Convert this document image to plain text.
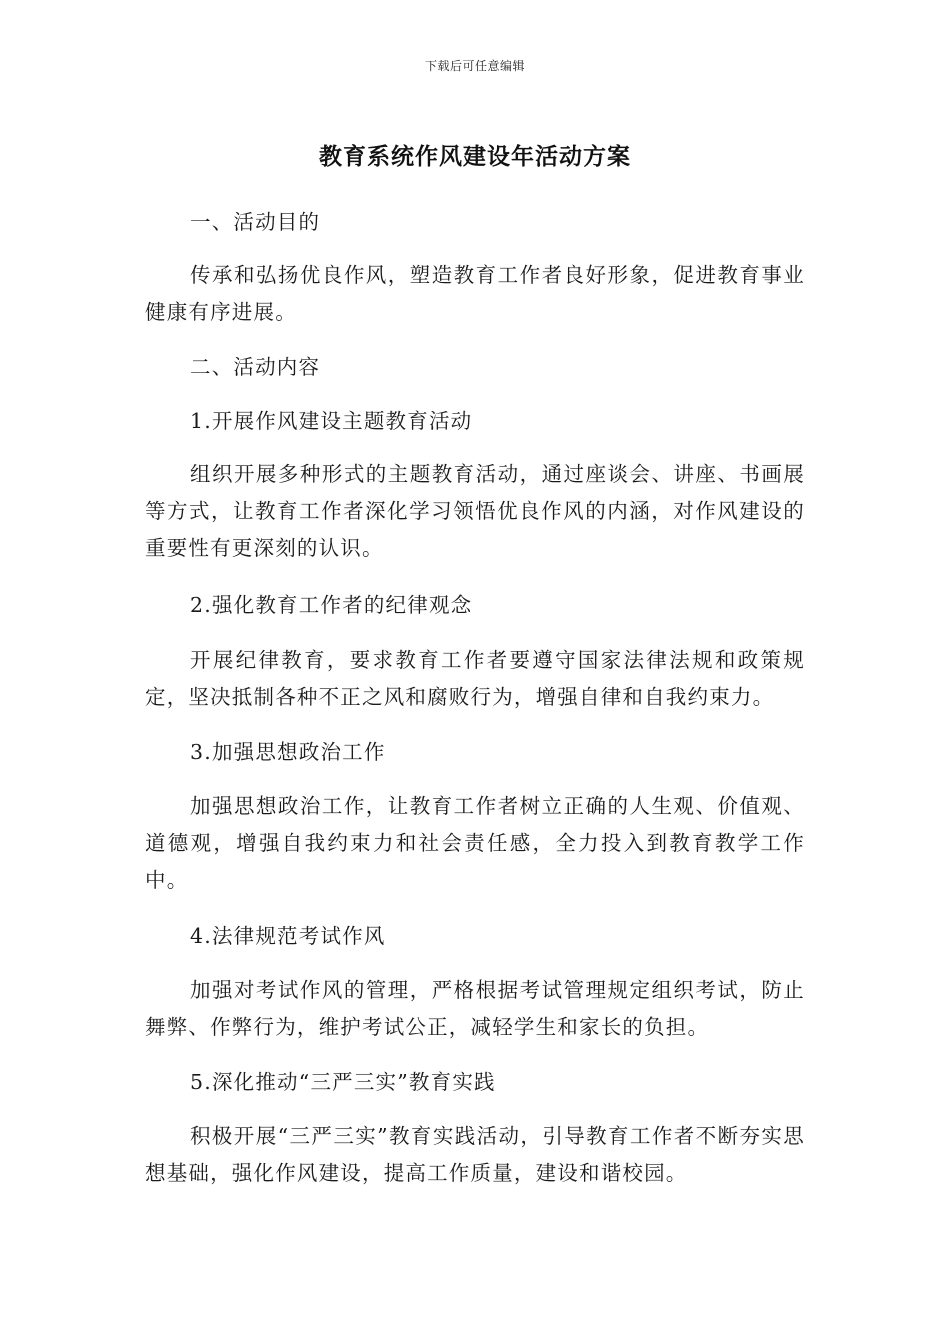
下载后可任意编辑
教育系统作风建设年活动方案

一、活动目的

传承和弘扬优良作风，塑造教育工作者良好形象，促进教育事业健康有序进展。

二、活动内容

1.开展作风建设主题教育活动

组织开展多种形式的主题教育活动，通过座谈会、讲座、书画展等方式，让教育工作者深化学习领悟优良作风的内涵，对作风建设的重要性有更深刻的认识。

2.强化教育工作者的纪律观念

开展纪律教育，要求教育工作者要遵守国家法律法规和政策规定，坚决抵制各种不正之风和腐败行为，增强自律和自我约束力。

3.加强思想政治工作

加强思想政治工作，让教育工作者树立正确的人生观、价值观、道德观，增强自我约束力和社会责任感，全力投入到教育教学工作中。

4.法律规范考试作风

加强对考试作风的管理，严格根据考试管理规定组织考试，防止舞弊、作弊行为，维护考试公正，减轻学生和家长的负担。

5.深化推动“三严三实”教育实践

积极开展“三严三实”教育实践活动，引导教育工作者不断夯实思想基础，强化作风建设，提高工作质量，建设和谐校园。
